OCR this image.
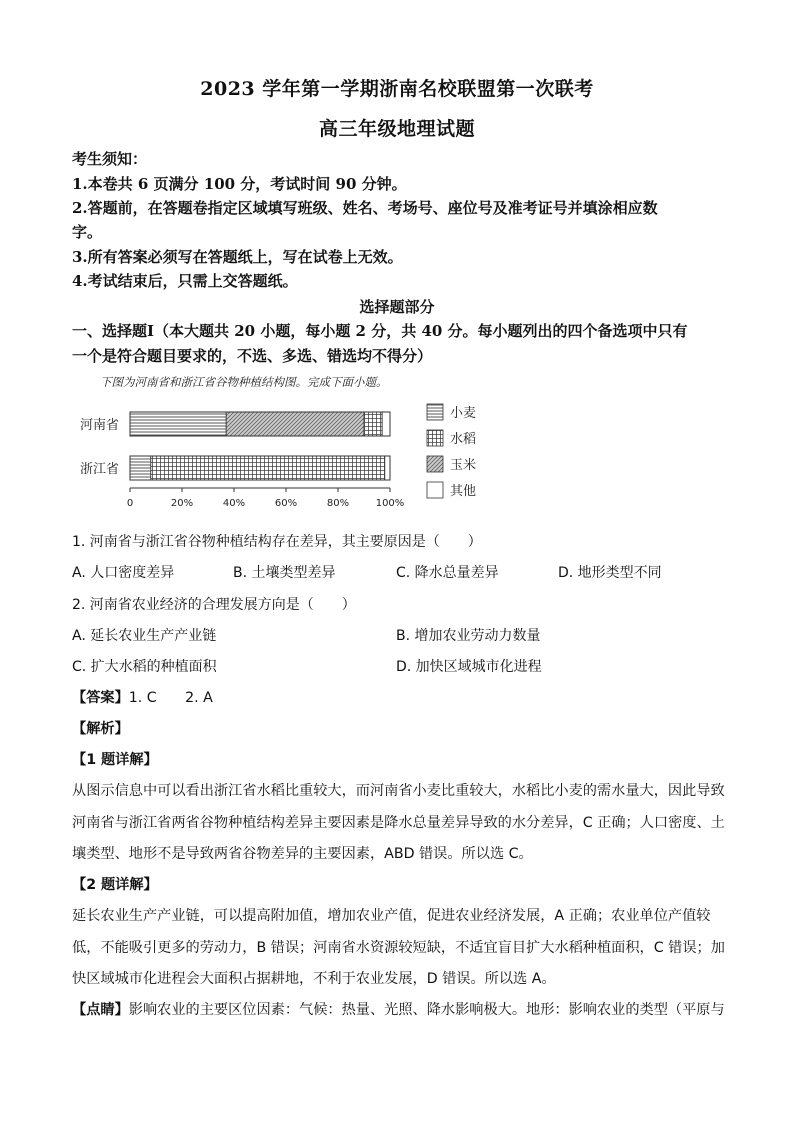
2023 学年第一学期浙南名校联盟第一次联考
高三年级地理试题
考生须知：
1.本卷共 6 页满分 100 分，考试时间 90 分钟。
2.答题前，在答题卷指定区域填写班级、姓名、考场号、座位号及准考证号并填涂相应数
字。
3.所有答案必须写在答题纸上，写在试卷上无效。
4.考试结束后，只需上交答题纸。
选择题部分
一、选择题Ⅰ（本大题共 20 小题，每小题 2 分，共 40 分。每小题列出的四个备选项中只有
一个是符合题目要求的，不选、多选、错选均不得分）
下图为河南省和浙江省谷物种植结构图。完成下面小题。
河南省
浙江省
0	20%	40%	60%	80%	100%
小麦
水稻
玉米
其他
1. 河南省与浙江省谷物种植结构存在差异，其主要原因是（　　）
A. 人口密度差异	B. 土壤类型差异	C. 降水总量差异	D. 地形类型不同
2. 河南省农业经济的合理发展方向是（　　）
A. 延长农业生产产业链	B. 增加农业劳动力数量
C. 扩大水稻的种植面积	D. 加快区域城市化进程
【答案】1. C　　2. A
【解析】
【1 题详解】
从图示信息中可以看出浙江省水稻比重较大，而河南省小麦比重较大，水稻比小麦的需水量大，因此导致
河南省与浙江省两省谷物种植结构差异主要因素是降水总量差异导致的水分差异，C 正确；人口密度、土
壤类型、地形不是导致两省谷物差异的主要因素，ABD 错误。所以选 C。
【2 题详解】
延长农业生产产业链，可以提高附加值，增加农业产值，促进农业经济发展，A 正确；农业单位产值较
低，不能吸引更多的劳动力，B 错误；河南省水资源较短缺，不适宜盲目扩大水稻种植面积，C 错误；加
快区域城市化进程会大面积占据耕地，不利于农业发展，D 错误。所以选 A。
【点睛】影响农业的主要区位因素：气候：热量、光照、降水影响极大。地形：影响农业的类型（平原与
